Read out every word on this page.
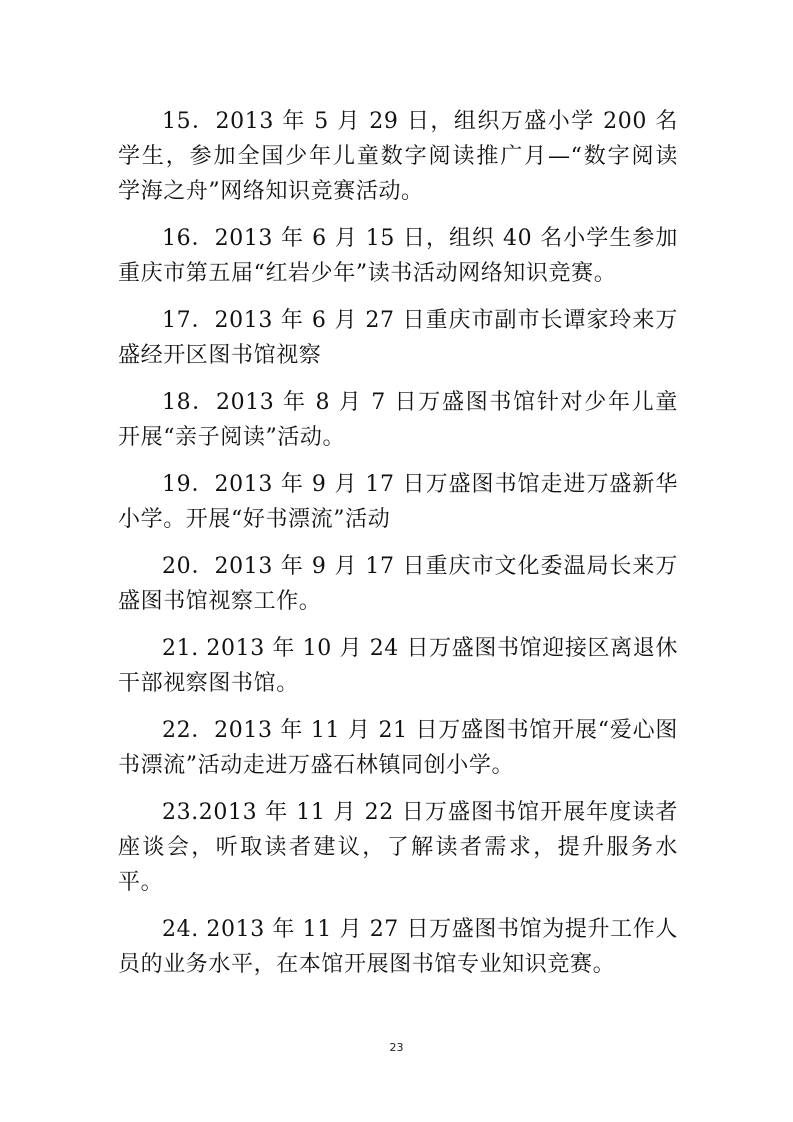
15．2013 年 5 月 29 日，组织万盛小学 200 名学生，参加全国少年儿童数字阅读推广月—“数字阅读 学海之舟”网络知识竞赛活动。

16．2013 年 6 月 15 日，组织 40 名小学生参加重庆市第五届“红岩少年”读书活动网络知识竞赛。

17．2013 年 6 月 27 日重庆市副市长谭家玲来万盛经开区图书馆视察

18．2013 年 8 月 7 日万盛图书馆针对少年儿童开展“亲子阅读”活动。

19．2013 年 9 月 17 日万盛图书馆走进万盛新华小学。开展“好书漂流”活动

20．2013 年 9 月 17 日重庆市文化委温局长来万盛图书馆视察工作。

21. 2013 年 10 月 24 日万盛图书馆迎接区离退休干部视察图书馆。

22．2013 年 11 月 21 日万盛图书馆开展“爱心图书漂流”活动走进万盛石林镇同创小学。

23.2013 年 11 月 22 日万盛图书馆开展年度读者座谈会，听取读者建议，了解读者需求，提升服务水平。

24. 2013 年 11 月 27 日万盛图书馆为提升工作人员的业务水平，在本馆开展图书馆专业知识竞赛。

23
